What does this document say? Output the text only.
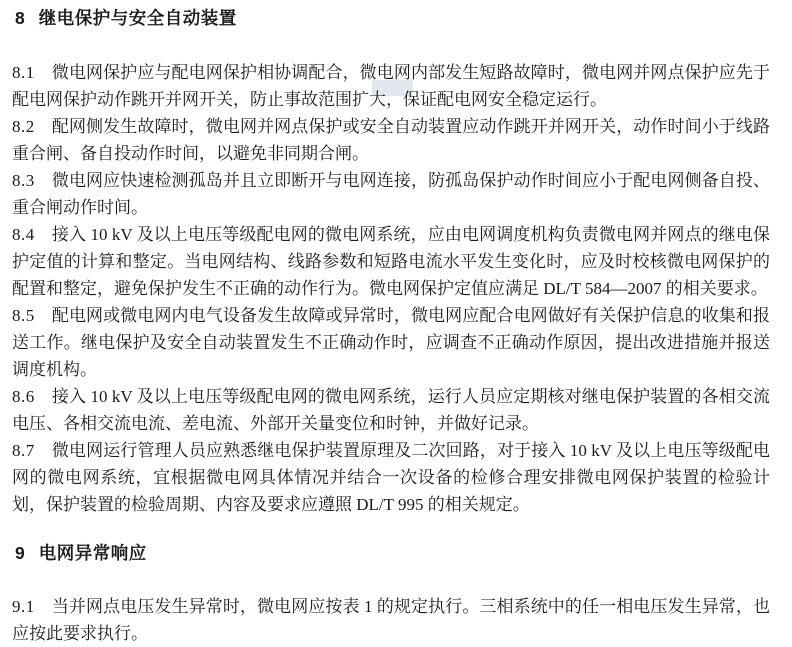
8 继电保护与安全自动装置

8.1 微电网保护应与配电网保护相协调配合，微电网内部发生短路故障时，微电网并网点保护应先于配电网保护动作跳开并网开关，防止事故范围扩大，保证配电网安全稳定运行。

8.2 配网侧发生故障时，微电网并网点保护或安全自动装置应动作跳开并网开关，动作时间小于线路重合闸、备自投动作时间，以避免非同期合闸。

8.3 微电网应快速检测孤岛并且立即断开与电网连接，防孤岛保护动作时间应小于配电网侧备自投、重合闸动作时间。

8.4 接入 10 kV 及以上电压等级配电网的微电网系统，应由电网调度机构负责微电网并网点的继电保护定值的计算和整定。当电网结构、线路参数和短路电流水平发生变化时，应及时校核微电网保护的配置和整定，避免保护发生不正确的动作行为。微电网保护定值应满足 DL/T 584—2007 的相关要求。

8.5 配电网或微电网内电气设备发生故障或异常时，微电网应配合电网做好有关保护信息的收集和报送工作。继电保护及安全自动装置发生不正确动作时，应调查不正确动作原因，提出改进措施并报送调度机构。

8.6 接入 10 kV 及以上电压等级配电网的微电网系统，运行人员应定期核对继电保护装置的各相交流电压、各相交流电流、差电流、外部开关量变位和时钟，并做好记录。

8.7 微电网运行管理人员应熟悉继电保护装置原理及二次回路，对于接入 10 kV 及以上电压等级配电网的微电网系统，宜根据微电网具体情况并结合一次设备的检修合理安排微电网保护装置的检验计划，保护装置的检验周期、内容及要求应遵照 DL/T 995 的相关规定。

9 电网异常响应

9.1 当并网点电压发生异常时，微电网应按表 1 的规定执行。三相系统中的任一相电压发生异常，也应按此要求执行。
